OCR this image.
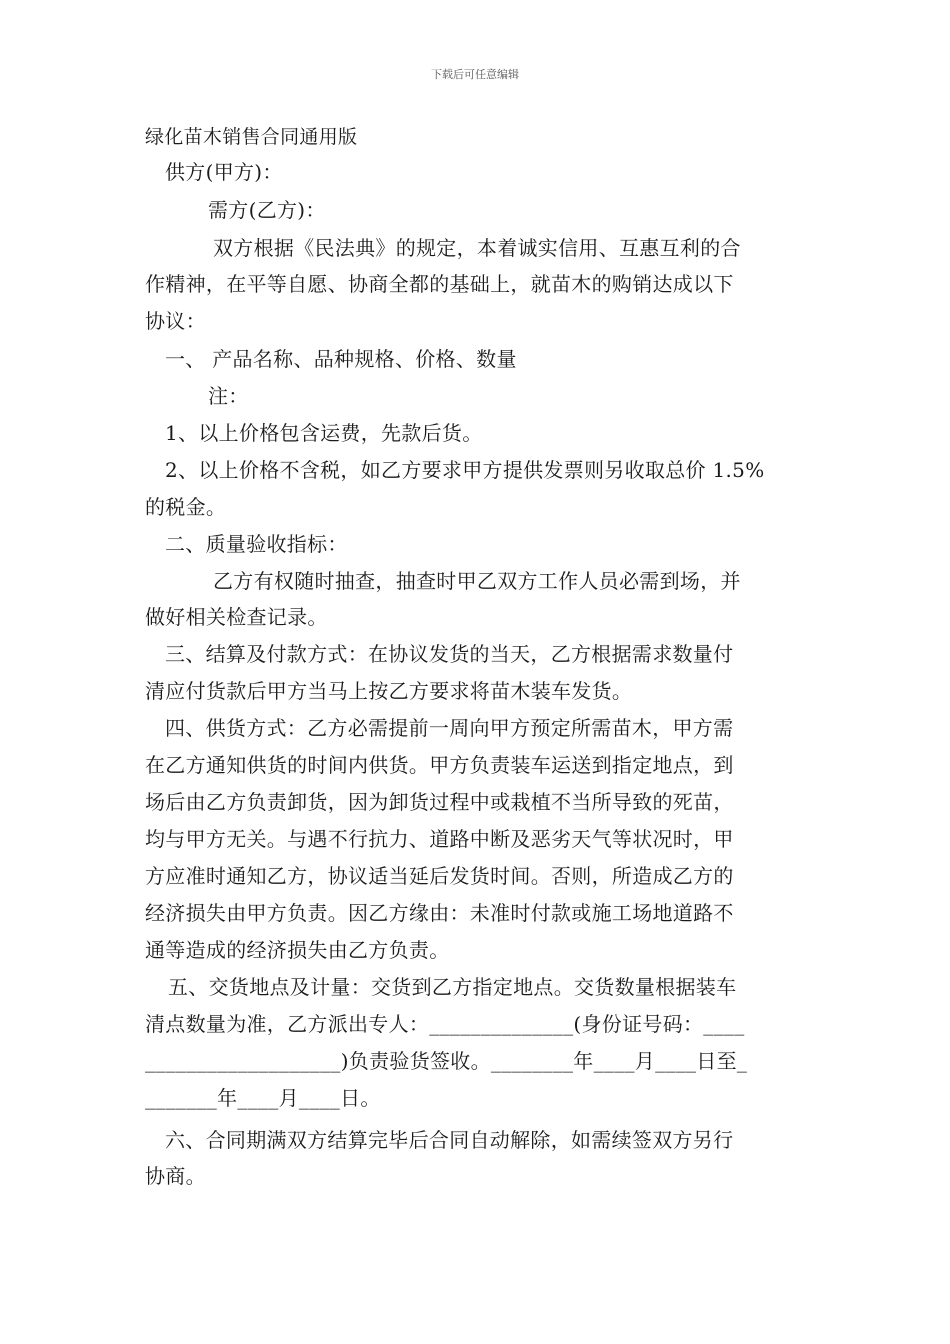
下载后可任意编辑
绿化苗木销售合同通用版
供方(甲方)：
需方(乙方)：
双方根据《民法典》的规定，本着诚实信用、互惠互利的合
作精神，在平等自愿、协商全都的基础上，就苗木的购销达成以下
协议：
一、 产品名称、品种规格、价格、数量
注：
1、以上价格包含运费，先款后货。
2、以上价格不含税，如乙方要求甲方提供发票则另收取总价 1.5%
的税金。
二、质量验收指标：
乙方有权随时抽查，抽查时甲乙双方工作人员必需到场，并
做好相关检查记录。
三、结算及付款方式：在协议发货的当天，乙方根据需求数量付
清应付货款后甲方当马上按乙方要求将苗木装车发货。
四、供货方式：乙方必需提前一周向甲方预定所需苗木，甲方需
在乙方通知供货的时间内供货。甲方负责装车运送到指定地点，到
场后由乙方负责卸货，因为卸货过程中或栽植不当所导致的死苗，
均与甲方无关。与遇不行抗力、道路中断及恶劣天气等状况时，甲
方应准时通知乙方，协议适当延后发货时间。否则，所造成乙方的
经济损失由甲方负责。因乙方缘由：未准时付款或施工场地道路不
通等造成的经济损失由乙方负责。
五、交货地点及计量：交货到乙方指定地点。交货数量根据装车
清点数量为准，乙方派出专人：______________(身份证号码：____
___________________)负责验货签收。________年____月____日至_
_______年____月____日。
六、合同期满双方结算完毕后合同自动解除，如需续签双方另行
协商。
